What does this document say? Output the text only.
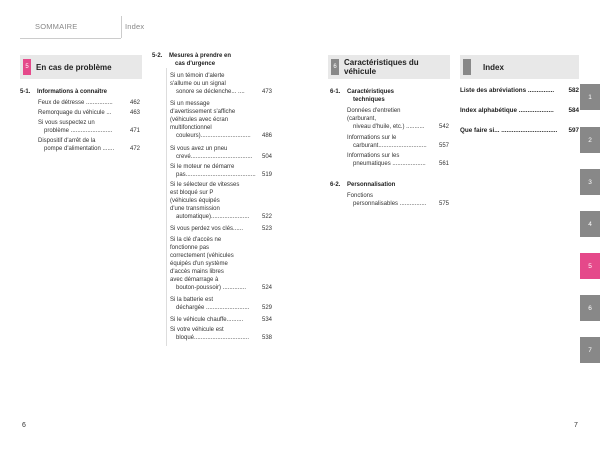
SOMMAIRE	Index
5 En cas de problème
5-1. Informations à connaître
Feux de détresse ................	462
Remorquage du véhicule ...	463
Si vous suspectez un
problème .........................	471
Dispositif d'arrêt de la
pompe d'alimentation .......	472
5-2. Mesures à prendre en
cas d'urgence
Si un témoin d'alerte
s'allume ou un signal
sonore se déclenche... ....	473
Si un message
d'avertissement s'affiche
(véhicules avec écran
multifonctionnel
couleurs)..............................	486
Si vous avez un pneu
crevé.....................................	504
Si le moteur ne démarre
pas..........................................	519
Si le sélecteur de vitesses
est bloqué sur P
(véhicules équipés
d'une transmission
automatique).......................	522
Si vous perdez vos clés......	523
Si la clé d'accès ne
fonctionne pas
correctement (véhicules
équipés d'un système
d'accès mains libres
avec démarrage à
bouton-poussoir) ..............	524
Si la batterie est
déchargée ..........................	529
Si le véhicule chauffe..........	534
Si votre véhicule est
bloqué.................................	538
6 Caractéristiques du
véhicule
6-1. Caractéristiques
techniques
Données d'entretien
(carburant,
niveau d'huile, etc.) ...........	542
Informations sur le
carburant.............................	557
Informations sur les
pneumatiques ....................	561
6-2. Personnalisation
Fonctions
personnalisables ................	575
Index
Liste des abréviations ............... 582
Index alphabétique .................... 584
Que faire si... ................................ 597
1
2
3
4
5
6
7
6	7
